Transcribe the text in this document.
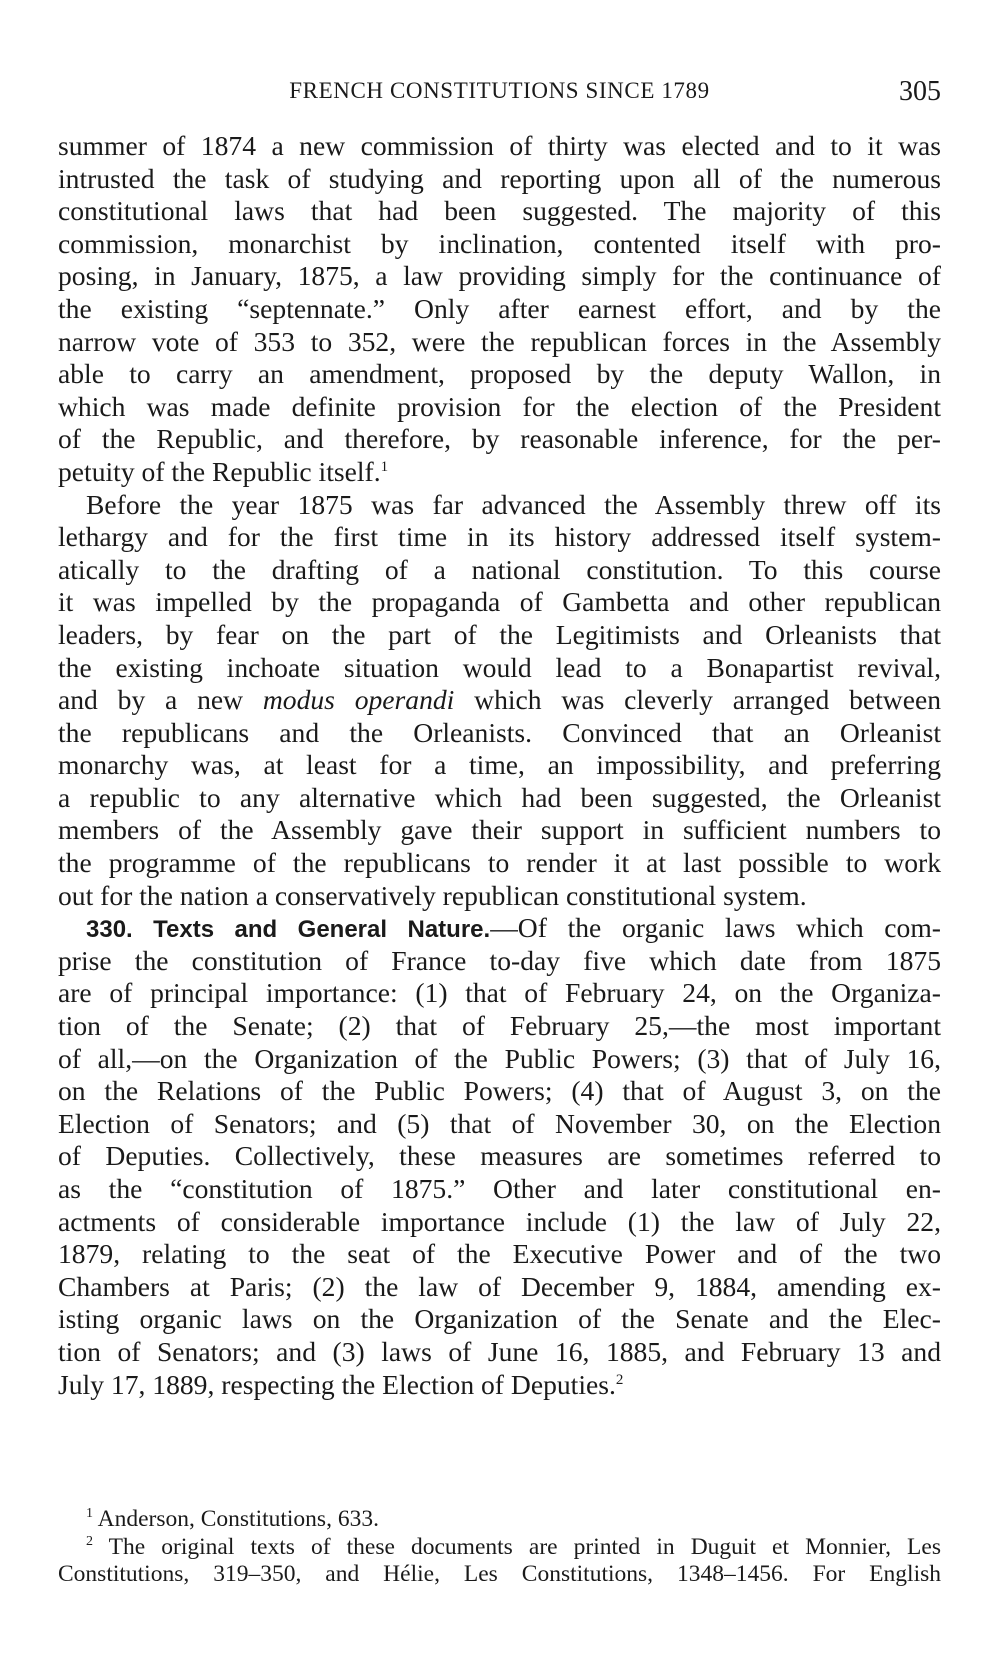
FRENCH CONSTITUTIONS SINCE 1789	305
summer of 1874 a new commission of thirty was elected and to it was
intrusted the task of studying and reporting upon all of the numerous
constitutional laws that had been suggested. The majority of this
commission, monarchist by inclination, contented itself with pro-
posing, in January, 1875, a law providing simply for the continuance of
the existing “septennate.” Only after earnest effort, and by the
narrow vote of 353 to 352, were the republican forces in the Assembly
able to carry an amendment, proposed by the deputy Wallon, in
which was made definite provision for the election of the President
of the Republic, and therefore, by reasonable inference, for the per-
petuity of the Republic itself.$^1$
Before the year 1875 was far advanced the Assembly threw off its
lethargy and for the first time in its history addressed itself system-
atically to the drafting of a national constitution. To this course
it was impelled by the propaganda of Gambetta and other republican
leaders, by fear on the part of the Legitimists and Orleanists that
the existing inchoate situation would lead to a Bonapartist revival,
and by a new modus operandi which was cleverly arranged between
the republicans and the Orleanists. Convinced that an Orleanist
monarchy was, at least for a time, an impossibility, and preferring
a republic to any alternative which had been suggested, the Orleanist
members of the Assembly gave their support in sufficient numbers to
the programme of the republicans to render it at last possible to work
out for the nation a conservatively republican constitutional system.
330. Texts and General Nature.—Of the organic laws which com-
prise the constitution of France to-day five which date from 1875
are of principal importance: (1) that of February 24, on the Organiza-
tion of the Senate; (2) that of February 25,—the most important
of all,—on the Organization of the Public Powers; (3) that of July 16,
on the Relations of the Public Powers; (4) that of August 3, on the
Election of Senators; and (5) that of November 30, on the Election
of Deputies. Collectively, these measures are sometimes referred to
as the “constitution of 1875.” Other and later constitutional en-
actments of considerable importance include (1) the law of July 22,
1879, relating to the seat of the Executive Power and of the two
Chambers at Paris; (2) the law of December 9, 1884, amending ex-
isting organic laws on the Organization of the Senate and the Elec-
tion of Senators; and (3) laws of June 16, 1885, and February 13 and
July 17, 1889, respecting the Election of Deputies.$^2$
$^1$ Anderson, Constitutions, 633.
$^2$ The original texts of these documents are printed in Duguit et Monnier, Les
Constitutions, 319–350, and Hélie, Les Constitutions, 1348–1456. For English
